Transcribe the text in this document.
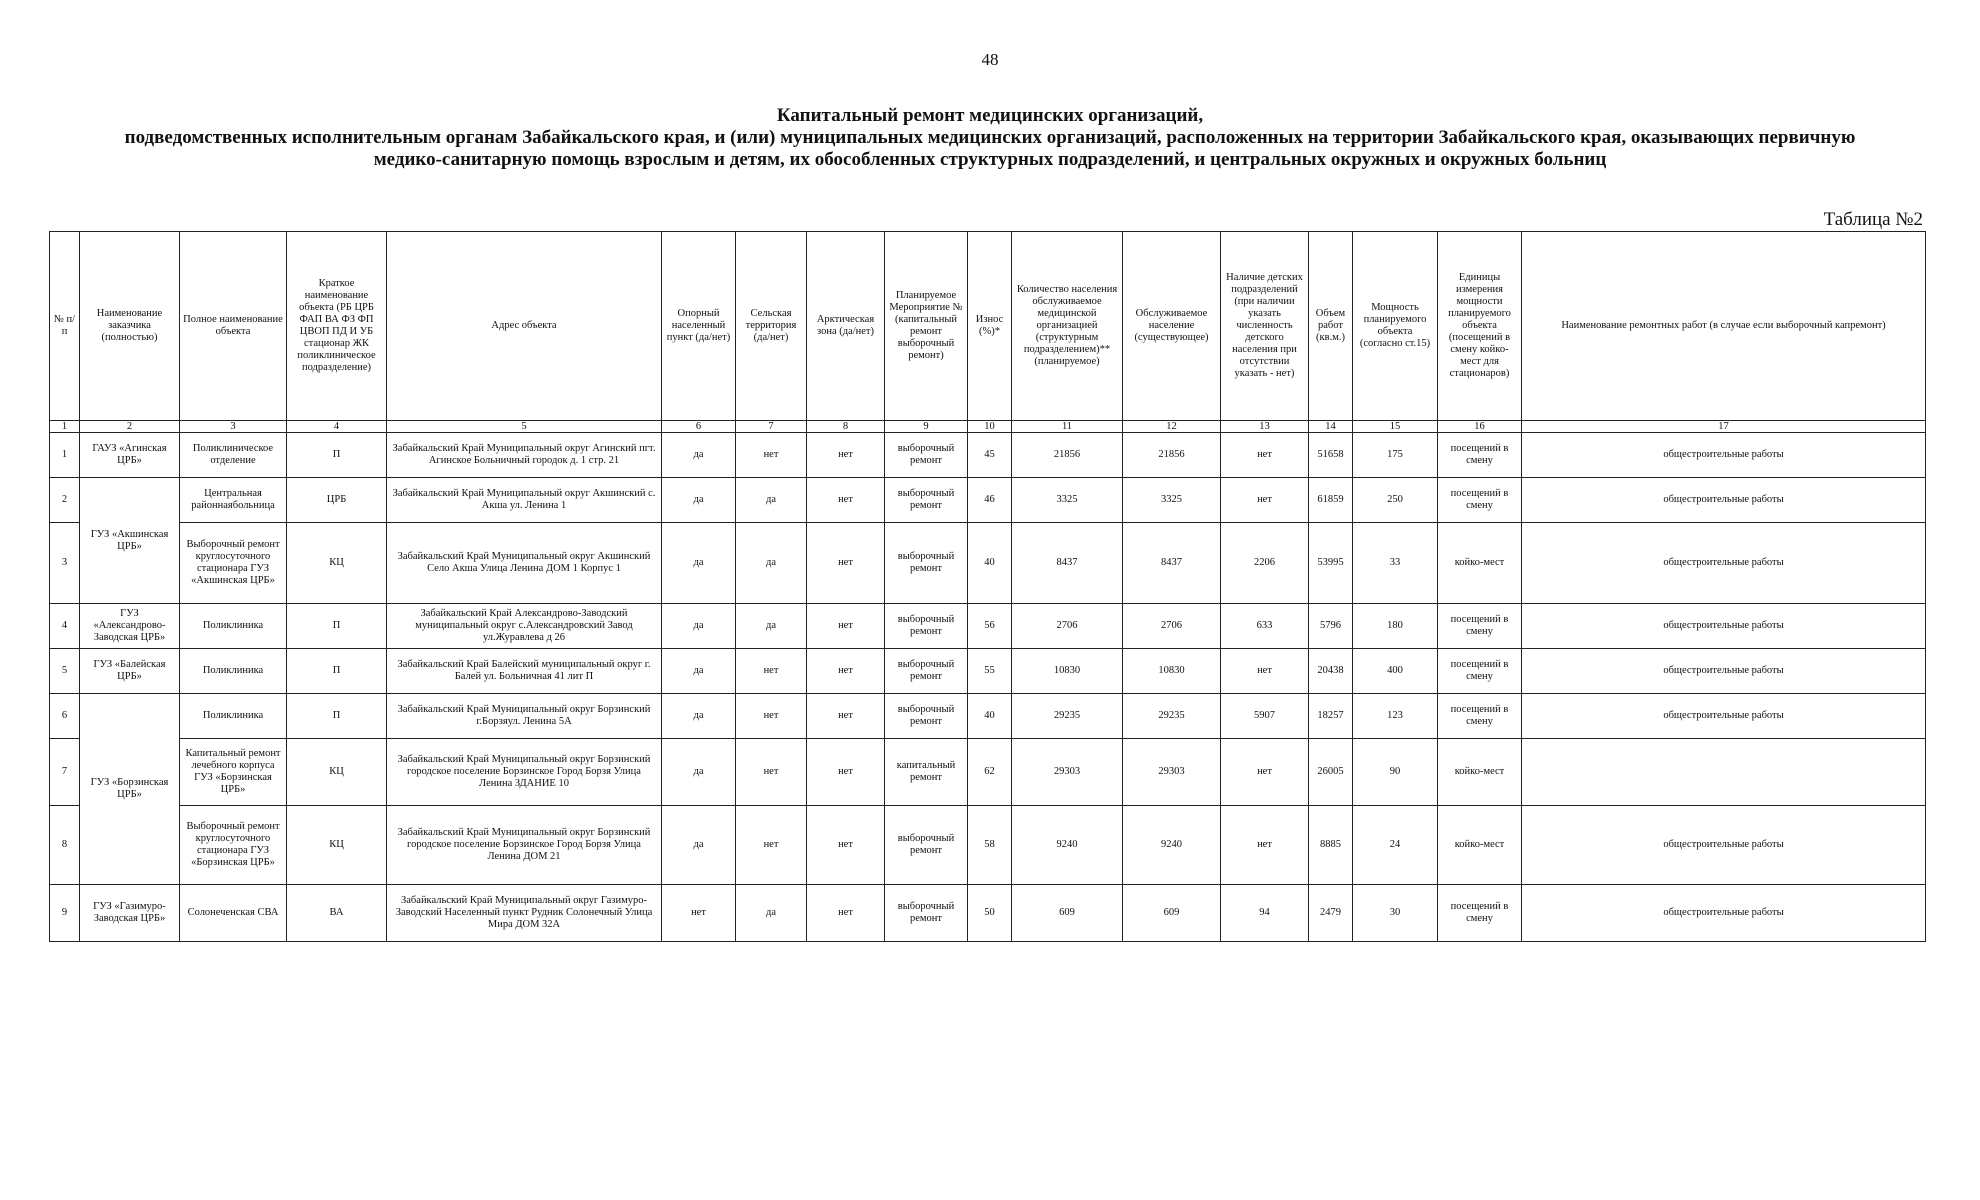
48
Капитальный ремонт медицинских организаций,
подведомственных исполнительным органам Забайкальского края, и (или) муниципальных медицинских организаций, расположенных на территории Забайкальского края, оказывающих первичную
медико-санитарную помощь взрослым и детям, их обособленных структурных подразделений, и центральных окружных и окружных больниц
Таблица №2
№ п/п	Наименование заказчика (полностью)	Полное наименование объекта	Краткое наименование объекта (РБ ЦРБ ФАП ВА ФЗ ФП ЦВОП ПД И УБ стационар ЖК поликлиническое подразделение)	Адрес объекта	Опорный населенный пункт (да/нет)	Сельская территория (да/нет)	Арктическая зона (да/нет)	Планируемое Мероприятие № (капитальный ремонт выборочный ремонт)	Износ (%)*	Количество населения обслуживаемое медицинской организацией (структурным подразделением)** (планируемое)	Обслуживаемое население (существующее)	Наличие детских подразделений (при наличии указать численность детского населения при отсутствии указать - нет)	Объем работ (кв.м.)	Мощность планируемого объекта (согласно ст.15)	Единицы измерения мощности планируемого объекта (посещений в смену койко-мест для стационаров)	Наименование ремонтных работ (в случае если выборочный капремонт)
1	2	3	4	5	6	7	8	9	10	11	12	13	14	15	16	17
1	ГАУЗ «Агинская ЦРБ»	Поликлиническое отделение	П	Забайкальский Край Муниципальный округ Агинский пгт. Агинское Больничный городок д. 1 стр. 21	да	нет	нет	выборочный ремонт	45	21856	21856	нет	51658	175	посещений в смену	общестроительные работы
2	ГУЗ «Акшинская ЦРБ»	Центральная районнаябольница	ЦРБ	Забайкальский Край Муниципальный округ Акшинский с. Акша ул. Ленина 1	да	да	нет	выборочный ремонт	46	3325	3325	нет	61859	250	посещений в смену	общестроительные работы
3		Выборочный ремонт круглосуточного стационара ГУЗ «Акшинская ЦРБ»	КЦ	Забайкальский Край Муниципальный округ Акшинский Село Акша Улица Ленина ДОМ 1 Корпус 1	да	да	нет	выборочный ремонт	40	8437	8437	2206	53995	33	койко-мест	общестроительные работы
4	ГУЗ «Александрово-Заводская ЦРБ»	Поликлиника	П	Забайкальский Край Александрово-Заводский муниципальный округ с.Александровский Завод ул.Журавлева д 26	да	да	нет	выборочный ремонт	56	2706	2706	633	5796	180	посещений в смену	общестроительные работы
5	ГУЗ «Балейская ЦРБ»	Поликлиника	П	Забайкальский Край Балейский муниципальный округ г. Балей ул. Больничная 41 лит П	да	нет	нет	выборочный ремонт	55	10830	10830	нет	20438	400	посещений в смену	общестроительные работы
6	ГУЗ «Борзинская ЦРБ»	Поликлиника	П	Забайкальский Край Муниципальный округ Борзинский г.Борзяул. Ленина 5А	да	нет	нет	выборочный ремонт	40	29235	29235	5907	18257	123	посещений в смену	общестроительные работы
7		Капитальный ремонт лечебного корпуса ГУЗ «Борзинская ЦРБ»	КЦ	Забайкальский Край Муниципальный округ Борзинский городское поселение Борзинское Город Борзя Улица Ленина ЗДАНИЕ 10	да	нет	нет	капитальный ремонт	62	29303	29303	нет	26005	90	койко-мест	
8		Выборочный ремонт круглосуточного стационара ГУЗ «Борзинская ЦРБ»	КЦ	Забайкальский Край Муниципальный округ Борзинский городское поселение Борзинское Город Борзя Улица Ленина ДОМ 21	да	нет	нет	выборочный ремонт	58	9240	9240	нет	8885	24	койко-мест	общестроительные работы
9	ГУЗ «Газимуро-Заводская ЦРБ»	Солонеченская СВА	ВА	Забайкальский Край Муниципальный округ Газимуро-Заводский Населенный пункт Рудник Солонечный Улица Мира ДОМ 32А	нет	да	нет	выборочный ремонт	50	609	609	94	2479	30	посещений в смену	общестроительные работы
